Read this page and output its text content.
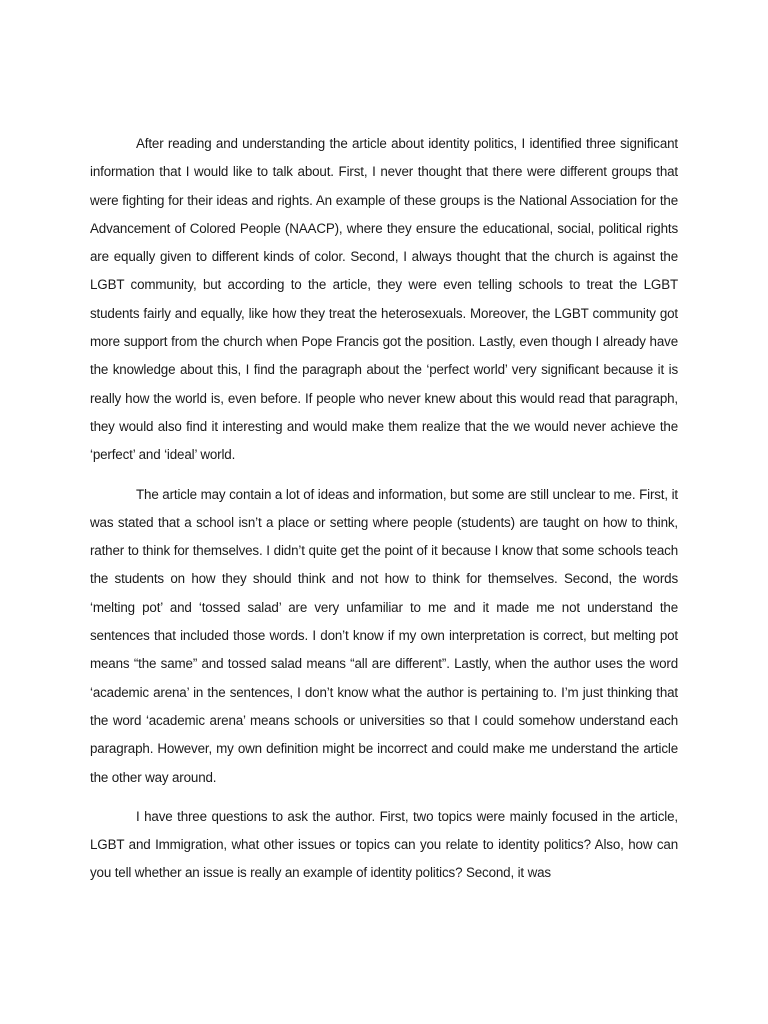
After reading and understanding the article about identity politics, I identified three significant information that I would like to talk about. First, I never thought that there were different groups that were fighting for their ideas and rights. An example of these groups is the National Association for the Advancement of Colored People (NAACP), where they ensure the educational, social, political rights are equally given to different kinds of color. Second, I always thought that the church is against the LGBT community, but according to the article, they were even telling schools to treat the LGBT students fairly and equally, like how they treat the heterosexuals. Moreover, the LGBT community got more support from the church when Pope Francis got the position. Lastly, even though I already have the knowledge about this, I find the paragraph about the ‘perfect world’ very significant because it is really how the world is, even before. If people who never knew about this would read that paragraph, they would also find it interesting and would make them realize that the we would never achieve the ‘perfect’ and ‘ideal’ world.

The article may contain a lot of ideas and information, but some are still unclear to me. First, it was stated that a school isn’t a place or setting where people (students) are taught on how to think, rather to think for themselves. I didn’t quite get the point of it because I know that some schools teach the students on how they should think and not how to think for themselves. Second, the words ‘melting pot’ and ‘tossed salad’ are very unfamiliar to me and it made me not understand the sentences that included those words. I don’t know if my own interpretation is correct, but melting pot means “the same” and tossed salad means “all are different”. Lastly, when the author uses the word ‘academic arena’ in the sentences, I don’t know what the author is pertaining to. I’m just thinking that the word ‘academic arena’ means schools or universities so that I could somehow understand each paragraph. However, my own definition might be incorrect and could make me understand the article the other way around.

I have three questions to ask the author. First, two topics were mainly focused in the article, LGBT and Immigration, what other issues or topics can you relate to identity politics? Also, how can you tell whether an issue is really an example of identity politics? Second, it was
